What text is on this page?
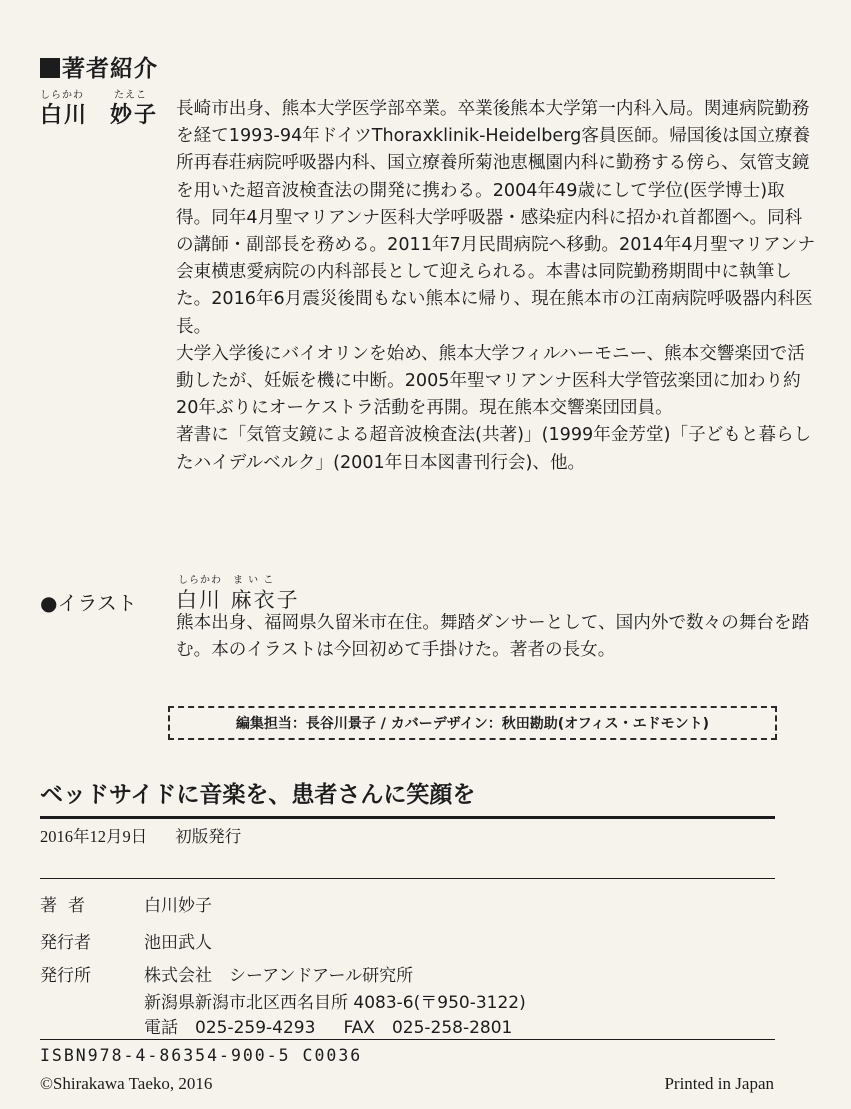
著者紹介
しらかわ	たえこ
白川 妙子 長崎市出身、熊本大学医学部卒業。卒業後熊本大学第一内科入局。関連病院勤務を経て1993-94年ドイツThoraxklinik-Heidelberg客員医師。帰国後は国立療養所再春荘病院呼吸器内科、国立療養所菊池恵楓園内科に勤務する傍ら、気管支鏡を用いた超音波検査法の開発に携わる。2004年49歳にして学位(医学博士)取得。同年4月聖マリアンナ医科大学呼吸器・感染症内科に招かれ首都圏へ。同科の講師・副部長を務める。2011年7月民間病院へ移動。2014年4月聖マリアンナ会東横恵愛病院の内科部長として迎えられる。本書は同院勤務期間中に執筆した。2016年6月震災後間もない熊本に帰り、現在熊本市の江南病院呼吸器内科医長。

大学入学後にバイオリンを始め、熊本大学フィルハーモニー、熊本交響楽団で活動したが、妊娠を機に中断。2005年聖マリアンナ医科大学管弦楽団に加わり約20年ぶりにオーケストラ活動を再開。現在熊本交響楽団団員。

著書に「気管支鏡による超音波検査法(共著)」(1999年金芳堂)「子どもと暮らしたハイデルベルク」(2001年日本図書刊行会)、他。

しらかわ　ま い こ
●イラスト 白川 麻衣子

熊本出身、福岡県久留米市在住。舞踏ダンサーとして、国内外で数々の舞台を踏む。本のイラストは今回初めて手掛けた。著者の長女。

編集担当：長谷川景子 / カバーデザイン：秋田勘助(オフィス・エドモント)
ベッドサイドに音楽を、患者さんに笑顔を
2016年12月9日 初版発行
著者	白川妙子
発行者	池田武人
発行所	株式会社　シーアンドアール研究所
新潟県新潟市北区西名目所 4083-6(〒950-3122)
電話　 025-259-4293 FAX　 025-258-2801
ISBN978-4-86354-900-5 C0036
©Shirakawa Taeko, 2016	Printed in Japan
